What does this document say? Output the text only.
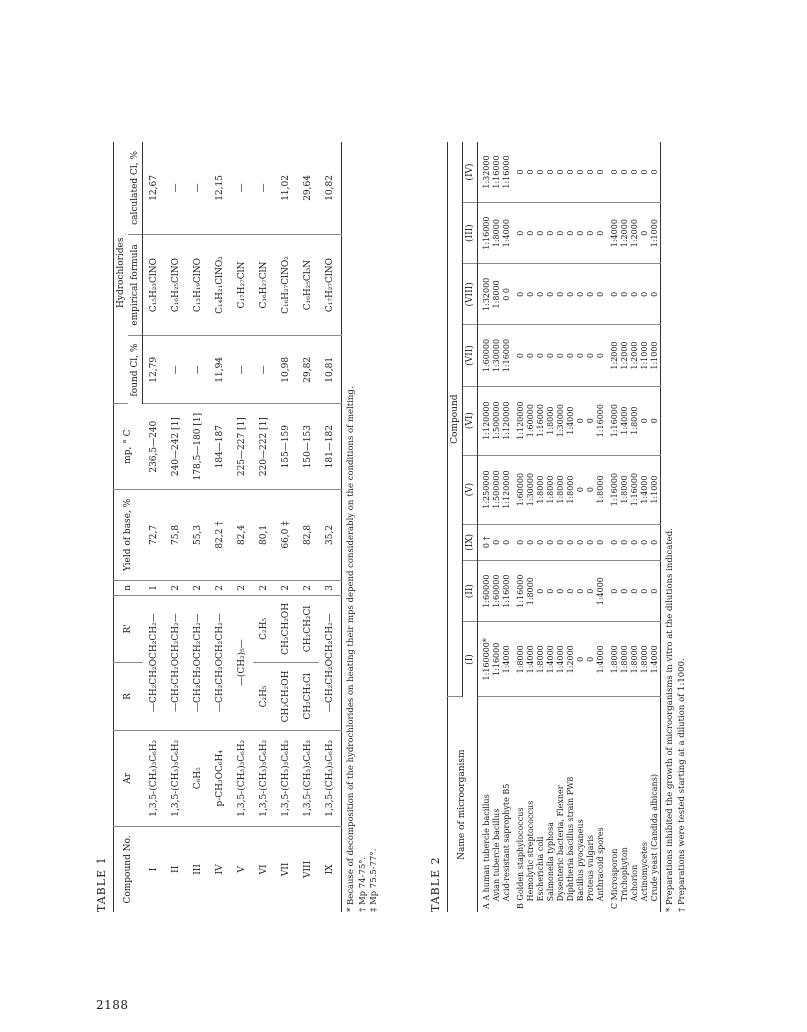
2188
TABLE 1 Compound No.	Ar	R	R'	n	Yield of base, %	mp, ° C	Hydrochlorides		
							found Cl, %	empirical formula	calculated Cl, %
I	1,3,5-(CH₃)₃C₆H₂	—CH₂CH₂OCH₂CH₂—		1	72,7	236,5—240	12,79	C₁₅H₂₃ClNO	12,67
II	1,3,5-(CH₃)₃C₆H₂	—CH₂CH₂OCH₂CH₂—		2	75,8	240—242 [1]	—	C₁₆H₂₅ClNO	—
III	C₆H₅	—CH₂CH₂OCH₂CH₂—		2	55,3	178,5—180 [1]	—	C₁₃H₁₉ClNO	—
IV	p-CH₃OC₆H₄	—CH₂CH₂OCH₂CH₂—		2	82,2 †	184—187	11,94	C₁₄H₂₁ClNO₂	12,15
V	1,3,5-(CH₃)₃C₆H₂	—(CH₂)₅—		2	82,4	225—227 [1]	—	C₁₇H₂₇ClN	—
VI	1,3,5-(CH₃)₃C₆H₂	C₂H₅	C₂H₅	2	80,1	220—222 [1]	—	C₁₆H₂₇ClN	—
VII	1,3,5-(CH₃)₃C₆H₂	CH₂CH₂OH	CH₂CH₂OH	2	66,0 ‡	155—159	10,98	C₁₆H₂₇ClNO₂	11,02
VIII	1,3,5-(CH₃)₃C₆H₂	CH₂CH₂Cl	CH₂CH₂Cl	2	82,8	150—153	29,82	C₁₆H₂₅Cl₃N	29,64
IX	1,3,5-(CH₃)₃C₆H₂	—CH₂CH₂OCH₂CH₂—		3	35,2	181—182	10,81	C₁₇H₂₇ClNO	10,82
* Because of decomposition of the hydrochlorides on heating their mps depend considerably on the conditions of melting. † Mp 74-75°. ‡ Mp 75.5-77°.	TABLE 2
Name of microorganism	Compound								
	(I)	(II)	(IX)	(V)	(VI)	(VII)	(VIII)	(III)	(IV)
A A human tubercle bacillus	1:160000*	1:60000	0 †	1:250000	1:120000	1:60000	1:32000	1:16000	1:32000
Avian tubercle bacillus	1:16000	1:60000	0	1:500000	1:500000	1:30000	1:8000	1:8000	1:16000
Acid-resistant saprophyte B5	1:4000	1:16000	0	1:120000	1:120000	1:16000	0 0	1:4000	1:16000
B Golden staphylococcus	1:8000	1:16000	0	1:60000	1:120000	0	0	0	0
Hemolytic streptococcus	1:4000	1:8000	0	1:30000	1:60000	0	0	0	0
Escherichia coli	1:8000	0	0	1:8000	1:16000	0	0	0	0
Salmonella typhosa	1:4000	0	0	1:8000	1:8000	0	0	0	0
Dysenteric bacteria, Flexner	1:4000	0	0	1:8000	1:30000	0	0	0	0
Diphtheria bacillus strain PW8	1:2000	0	0	1:8000	1:4000	0	0	0	0
Bacillus pyocyaneus	0	0	0	0	0	0	0	0	0
Proteus vulgaris	0	0	0	0	0	0	0	0	0
Anthracoid spores	1:4000	1:4000	0	1:8000	1:16000	0	0	0	0
C Microsporon	1:8000	0	0	1:16000	1:16000	1:2000	0	1:4000	0
Trichophyton	1:8000	0	0	1:8000	1:4000	1:2000	0	1:2000	0
Achorion	1:8000	0	0	1:16000	1:8000	1:2000	0	1:2000	0
Actinomycetes	1:8000	0	0	1:4000	0	1:1000	0	0	0
Crude yeast (Candida albicans)	1:4000	0	0	1:1000	0	1:1000	0	1:1000	0
* Preparations inhibited the growth of microorganisms in vitro at the dilutions indicated. † Preparations were tested starting at a dilution of 1:1000.
